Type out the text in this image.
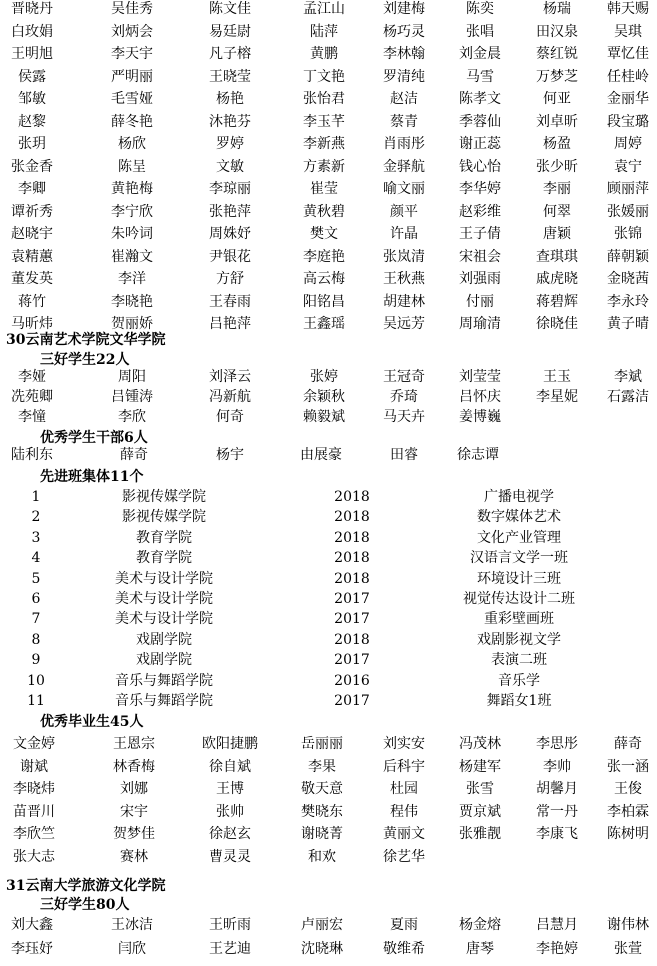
晋晓丹	吴佳秀	陈文佳	孟江山	刘建梅	陈奕	杨瑞	韩天赐
白玫娟	刘炳会	易廷尉	陆萍	杨巧灵	张唱	田汉泉	吴琪
王明旭	李天宇	凡子榕	黄鹏	李林翰 刘金晨	蔡红锐 覃忆佳
侯露	严明丽	王晓莹	丁文艳	罗清纯	马雪	万梦芝 任桂岭
邹敏	毛雪娅	杨艳	张怡君	赵洁	陈孝文	何亚	金丽华
赵黎	薛冬艳	沐艳芬	李玉芊	蔡青	季蓉仙	刘卓昕 段宝璐
张玥	杨欣	罗婷	李新燕	肖雨彤 谢正蕊	杨盈	周婷
张金香	陈呈	文敏	方素新	金驿航 钱心怡	张少昕	袁宁
李卿	黄艳梅	李琼丽	崔莹	喻文丽 李华婷	李丽	顾丽萍
谭祈秀	李宁欣	张艳萍	黄秋碧	颜平	赵彩维	何翠	张媛丽
赵晓宇	朱吟词	周姝妤	樊文	许晶	王子倩	唐颖	张锦
袁精蕙	崔瀚文	尹银花	李庭艳	张岚清 宋祖会	查琪琪 薛朝颖
董发英	李洋	方舒	高云梅	王秋燕 刘强雨	戚虎晓 金晓茜
蒋竹	李晓艳	王春雨	阳铭昌	胡建林	付丽	蒋碧辉 李永玲
马昕炜	贺丽娇	吕艳萍	王鑫瑶	吴远芳 周瑜清	徐晓佳 黄子晴
30云南艺术学院文华学院
三好学生22人
李娅	周阳	刘泽云	张婷	王冠奇 刘莹莹	王玉	李斌
冼苑卿	吕锺涛	冯新航	余颖秋	乔琦	吕怀庆	李星妮 石露洁
李憧	李欣	何奇	赖毅斌	马天卉 姜博巍
优秀学生干部6人
陆利东	薛奇	杨宇	由展豪	田睿	徐志谭
先进班集体11个
1	影视传媒学院	2018	广播电视学
2	影视传媒学院	2018	数字媒体艺术
3	教育学院	2018	文化产业管理
4	教育学院	2018	汉语言文学一班
5	美术与设计学院	2018	环境设计三班
6	美术与设计学院	2017	视觉传达设计二班
7	美术与设计学院	2017	重彩壁画班
8	戏剧学院	2018	戏剧影视文学
9	戏剧学院	2017	表演二班
10	音乐与舞蹈学院	2016	音乐学
11	音乐与舞蹈学院	2017	舞蹈女1班
优秀毕业生45人
文金婷	王恩宗	欧阳捷鹏	岳丽丽	刘实安 冯茂林	李思彤	薛奇
谢斌	林香梅	徐自斌	李果	后科宇 杨建军	李帅	张一涵
李晓炜	刘娜	王博	敬天意	杜园	张雪	胡馨月	王俊
苗晋川	宋宇	张帅	樊晓东	程伟	贾京斌	常一丹 李柏霖
李欣竺	贺梦佳	徐赵玄	谢晓菁	黄丽文 张雅靓	李康飞 陈树明
张大志	赛林	曹灵灵	和欢	徐艺华
31云南大学旅游文化学院
三好学生80人
刘大鑫	王冰洁	王昕雨	卢丽宏	夏雨	杨金熔	吕慧月 谢伟林
李珏妤	闫欣	王艺迪	沈晓琳	敬维希	唐琴	李艳婷	张萱
